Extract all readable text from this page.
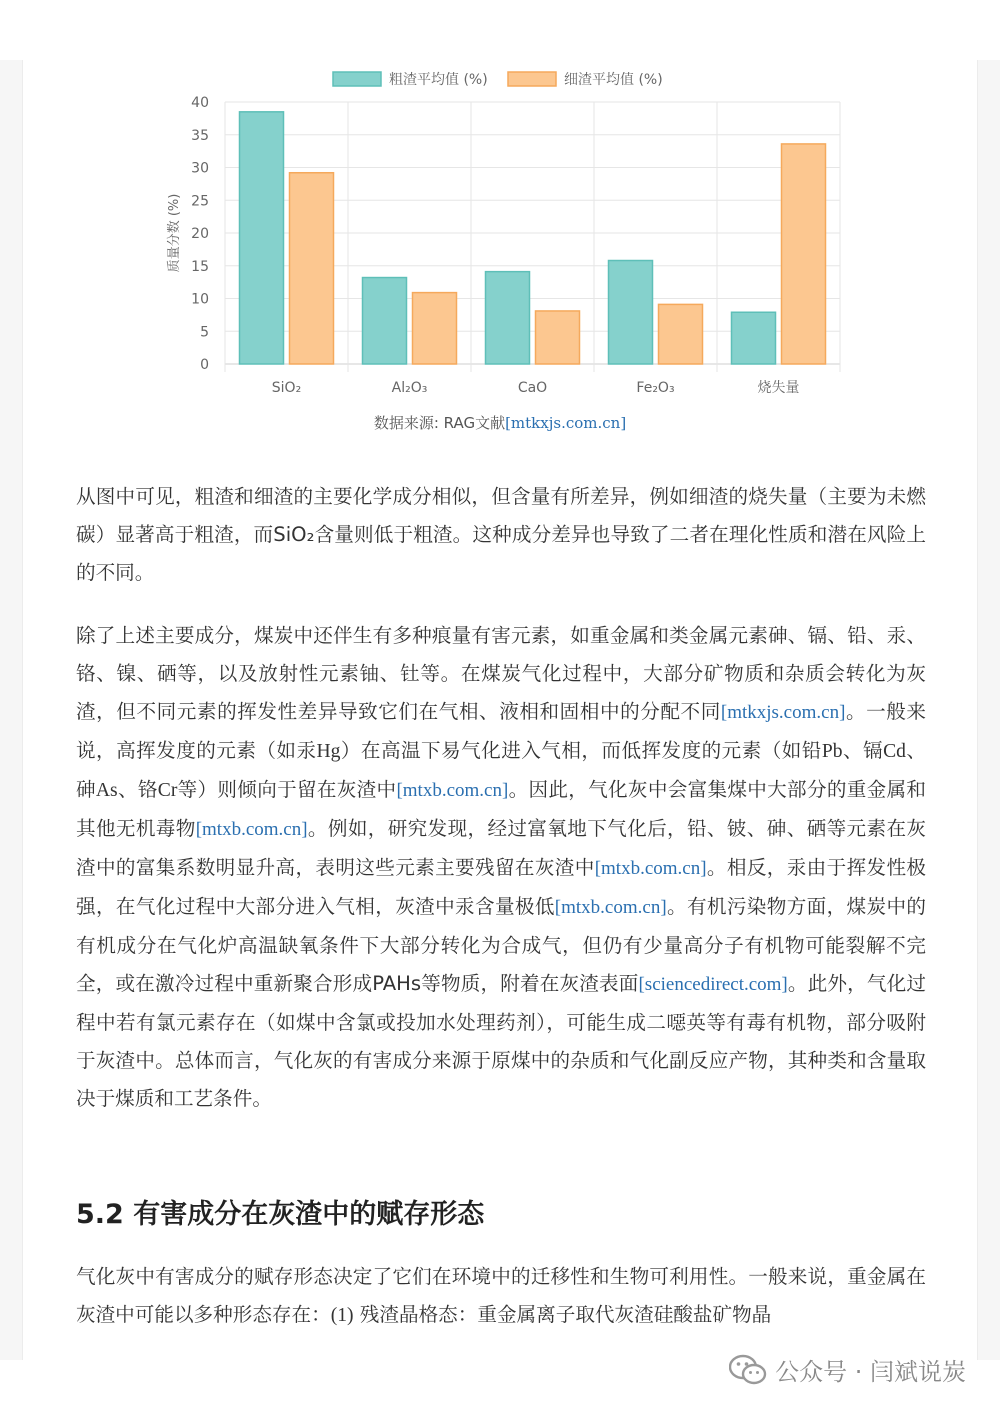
0
5
10
15
20
25
30
35
40
SiO₂	Al₂O₃	CaO	Fe₂O₃	烧失量
质量分数 (%)
粗渣平均值 (%)	细渣平均值 (%)
数据来源: RAG文献[mtkxjs.com.cn]

从图中可见，粗渣和细渣的主要化学成分相似，但含量有所差异，例如细渣的烧失量（主要为未燃碳）显著高于粗渣，而SiO₂含量则低于粗渣。这种成分差异也导致了二者在理化性质和潜在风险上的不同。

除了上述主要成分，煤炭中还伴生有多种痕量有害元素，如重金属和类金属元素砷、镉、铅、汞、铬、镍、硒等，以及放射性元素铀、钍等。在煤炭气化过程中，大部分矿物质和杂质会转化为灰渣，但不同元素的挥发性差异导致它们在气相、液相和固相中的分配不同[mtkxjs.com.cn]。一般来说，高挥发度的元素（如汞Hg）在高温下易气化进入气相，而低挥发度的元素（如铅Pb、镉Cd、砷As、铬Cr等）则倾向于留在灰渣中[mtxb.com.cn]。因此，气化灰中会富集煤中大部分的重金属和其他无机毒物[mtxb.com.cn]。例如，研究发现，经过富氧地下气化后，铅、铍、砷、硒等元素在灰渣中的富集系数明显升高，表明这些元素主要残留在灰渣中[mtxb.com.cn]。相反，汞由于挥发性极强，在气化过程中大部分进入气相，灰渣中汞含量极低[mtxb.com.cn]。有机污染物方面，煤炭中的有机成分在气化炉高温缺氧条件下大部分转化为合成气，但仍有少量高分子有机物可能裂解不完全，或在激冷过程中重新聚合形成PAHs等物质，附着在灰渣表面[sciencedirect.com]。此外，气化过程中若有氯元素存在（如煤中含氯或投加水处理药剂），可能生成二噁英等有毒有机物，部分吸附于灰渣中。总体而言，气化灰的有害成分来源于原煤中的杂质和气化副反应产物，其种类和含量取决于煤质和工艺条件。

5.2 有害成分在灰渣中的赋存形态

气化灰中有害成分的赋存形态决定了它们在环境中的迁移性和生物可利用性。一般来说，重金属在灰渣中可能以多种形态存在：(1) 残渣晶格态：重金属离子取代灰渣硅酸盐矿物晶

公众号 · 闫斌说炭
